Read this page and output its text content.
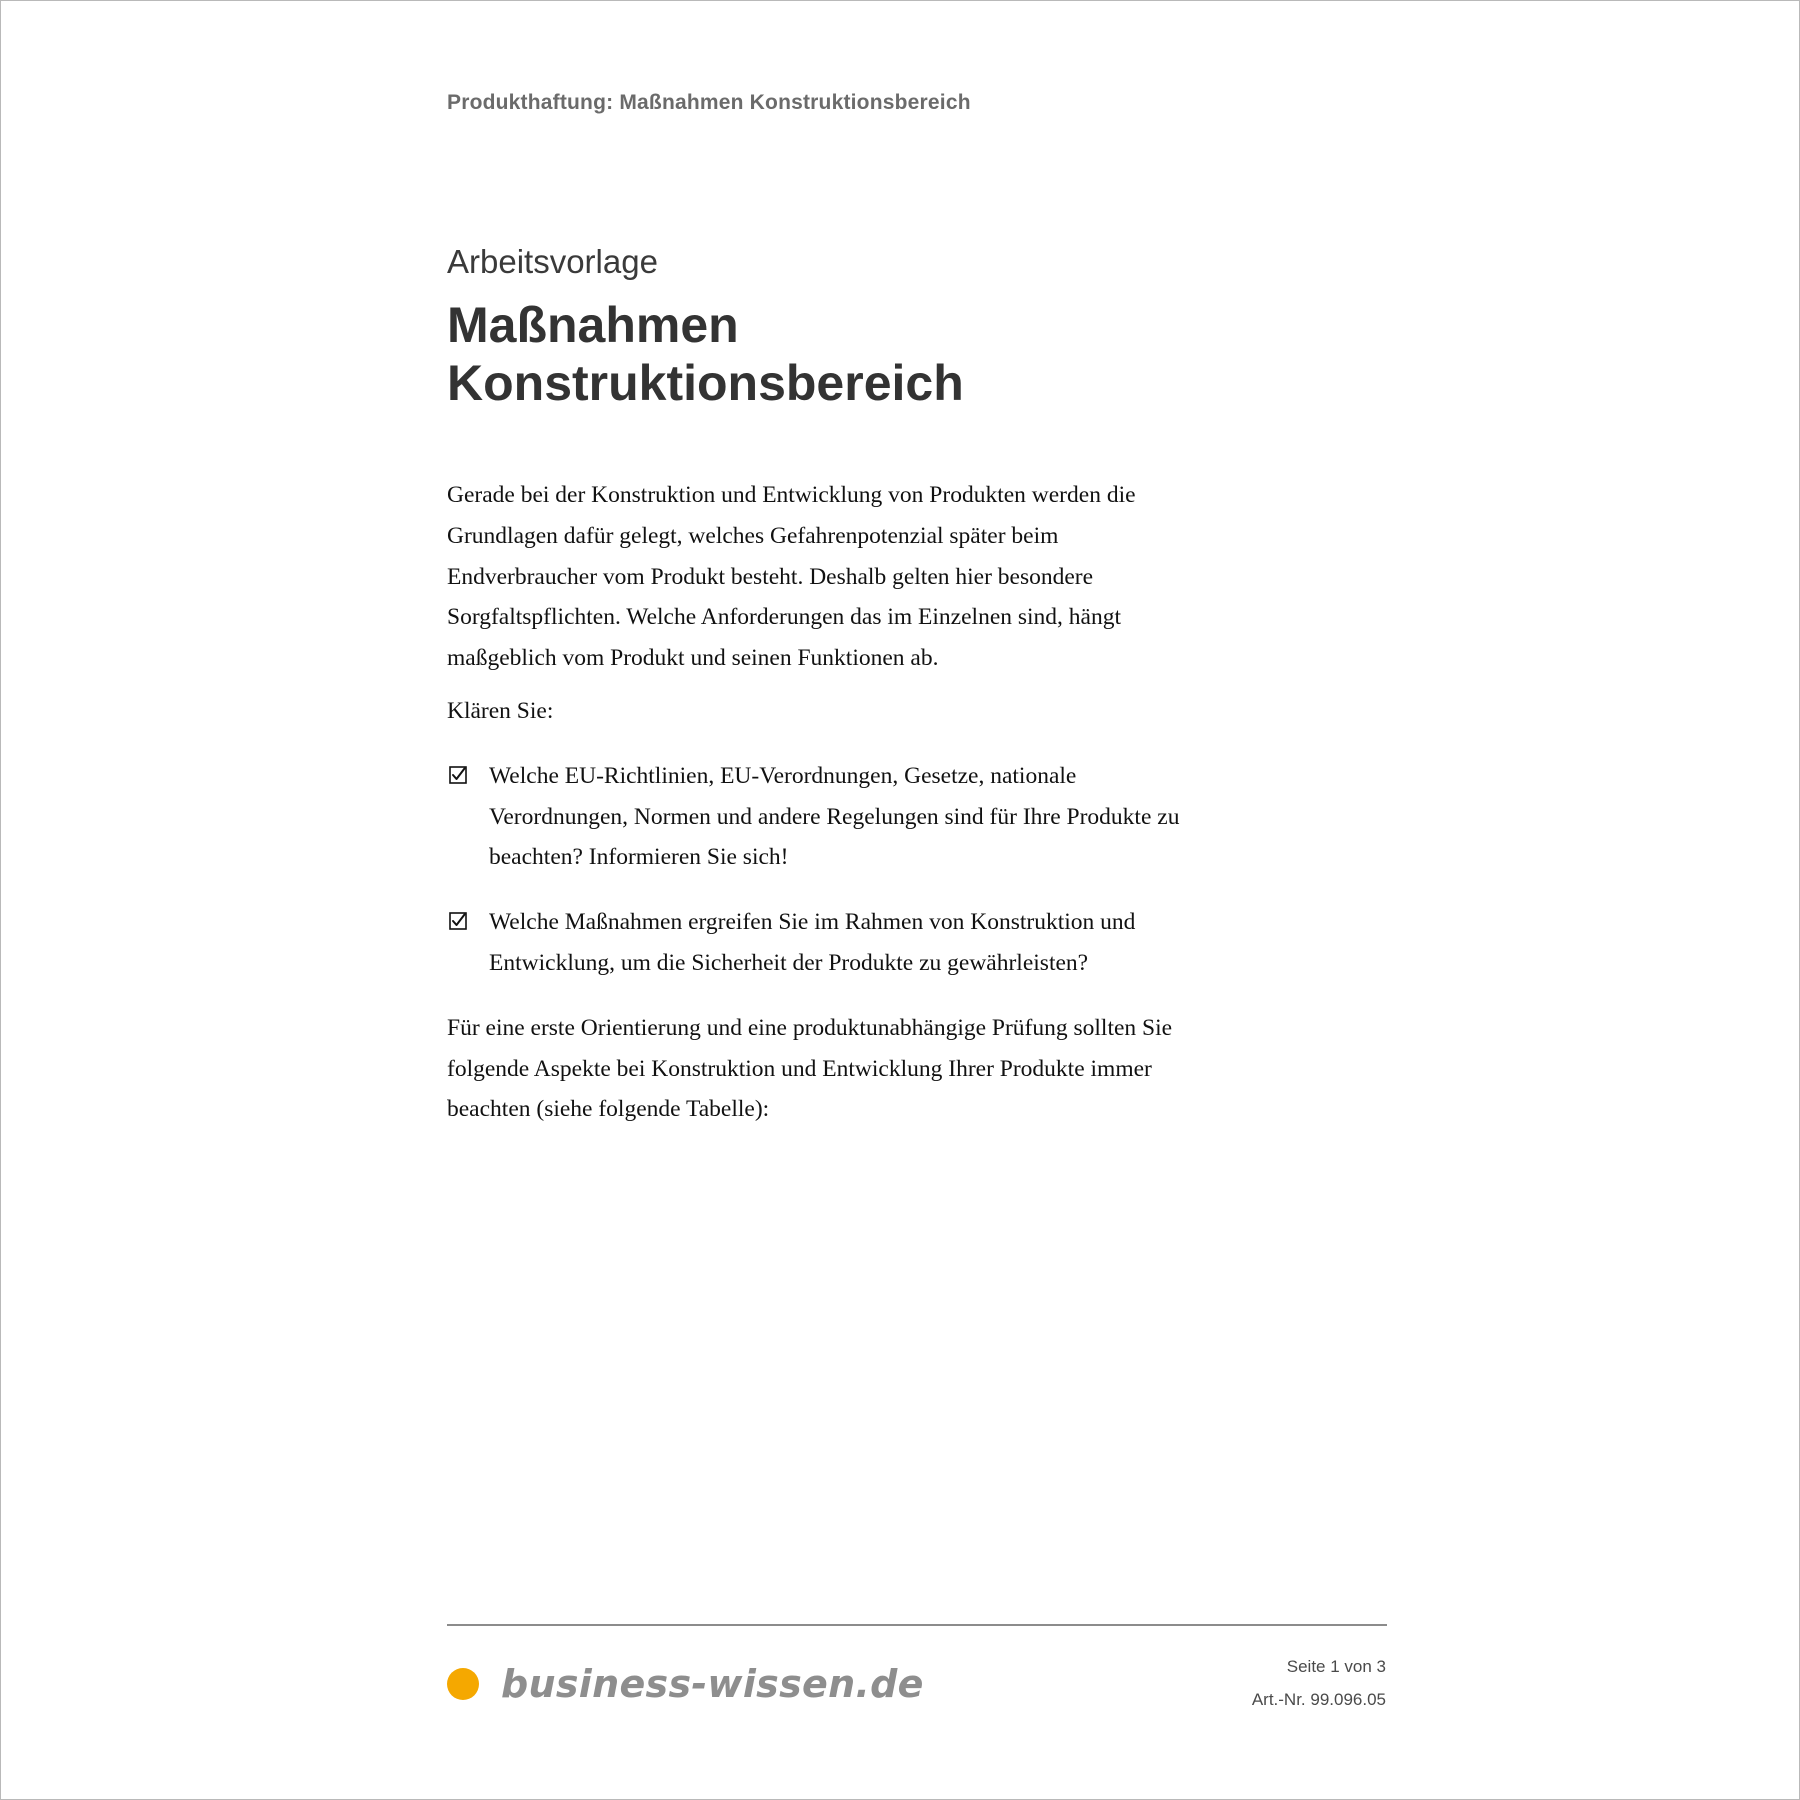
Produkthaftung: Maßnahmen Konstruktionsbereich
Arbeitsvorlage
Maßnahmen
Konstruktionsbereich

Gerade bei der Konstruktion und Entwicklung von Produkten werden die Grundlagen dafür gelegt, welches Gefahrenpotenzial später beim Endverbraucher vom Produkt besteht. Deshalb gelten hier besondere Sorgfaltspflichten. Welche Anforderungen das im Einzelnen sind, hängt maßgeblich vom Produkt und seinen Funktionen ab.

Klären Sie:

Welche EU-Richtlinien, EU-Verordnungen, Gesetze, nationale Verordnungen, Normen und andere Regelungen sind für Ihre Produkte zu beachten? Informieren Sie sich!
Welche Maßnahmen ergreifen Sie im Rahmen von Konstruktion und Entwicklung, um die Sicherheit der Produkte zu gewährleisten?

Für eine erste Orientierung und eine produktunabhängige Prüfung sollten Sie folgende Aspekte bei Konstruktion und Entwicklung Ihrer Produkte immer beachten (siehe folgende Tabelle):

business-wissen.de	Seite 1 von 3
Art.-Nr. 99.096.05
